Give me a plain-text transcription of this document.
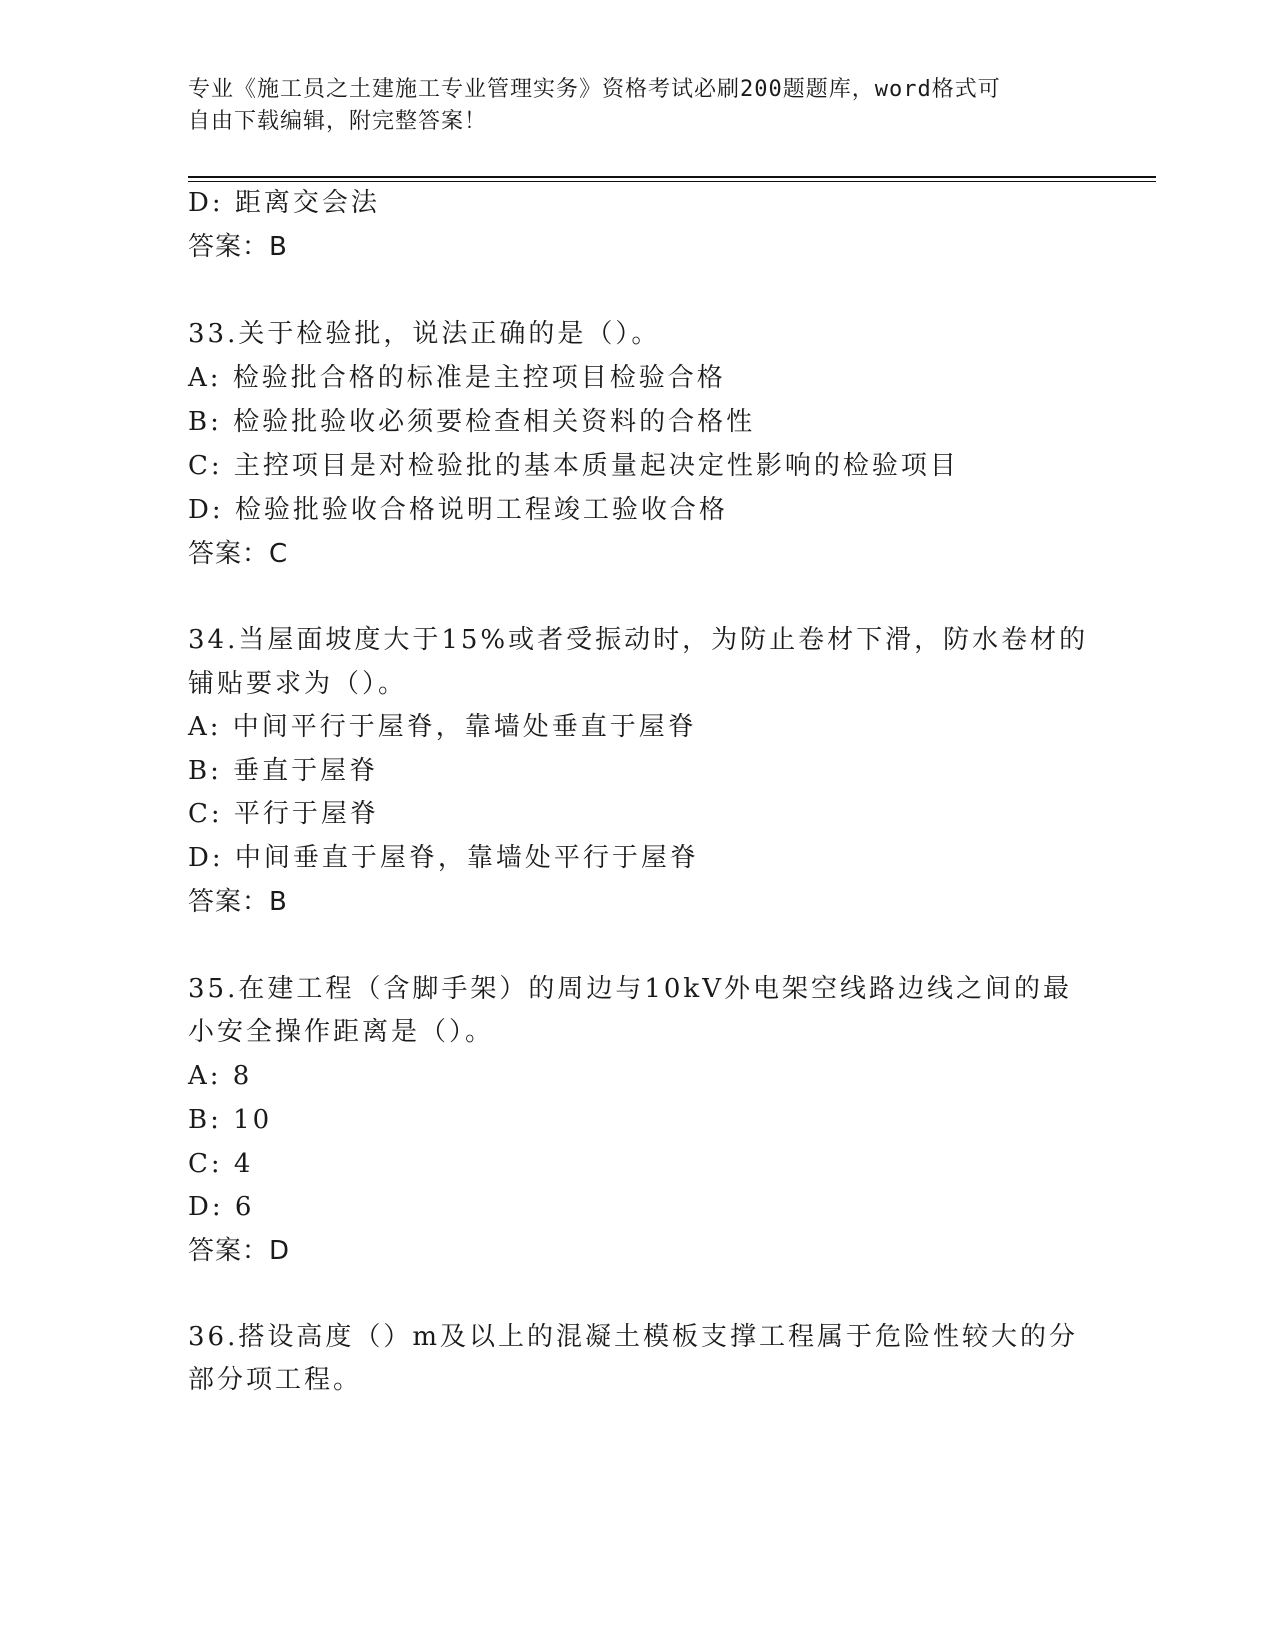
专业《施工员之土建施工专业管理实务》资格考试必刷200题题库，word格式可
自由下载编辑，附完整答案！
D: 距离交会法
答案：B
33.关于检验批，说法正确的是（）。
A: 检验批合格的标准是主控项目检验合格
B: 检验批验收必须要检查相关资料的合格性
C: 主控项目是对检验批的基本质量起决定性影响的检验项目
D: 检验批验收合格说明工程竣工验收合格
答案：C
34.当屋面坡度大于15%或者受振动时，为防止卷材下滑，防水卷材的
铺贴要求为（）。
A: 中间平行于屋脊，靠墙处垂直于屋脊
B: 垂直于屋脊
C: 平行于屋脊
D: 中间垂直于屋脊，靠墙处平行于屋脊
答案：B
35.在建工程（含脚手架）的周边与10kV外电架空线路边线之间的最
小安全操作距离是（）。
A: 8
B: 10
C: 4
D: 6
答案：D
36.搭设高度（）m及以上的混凝土模板支撑工程属于危险性较大的分
部分项工程。
